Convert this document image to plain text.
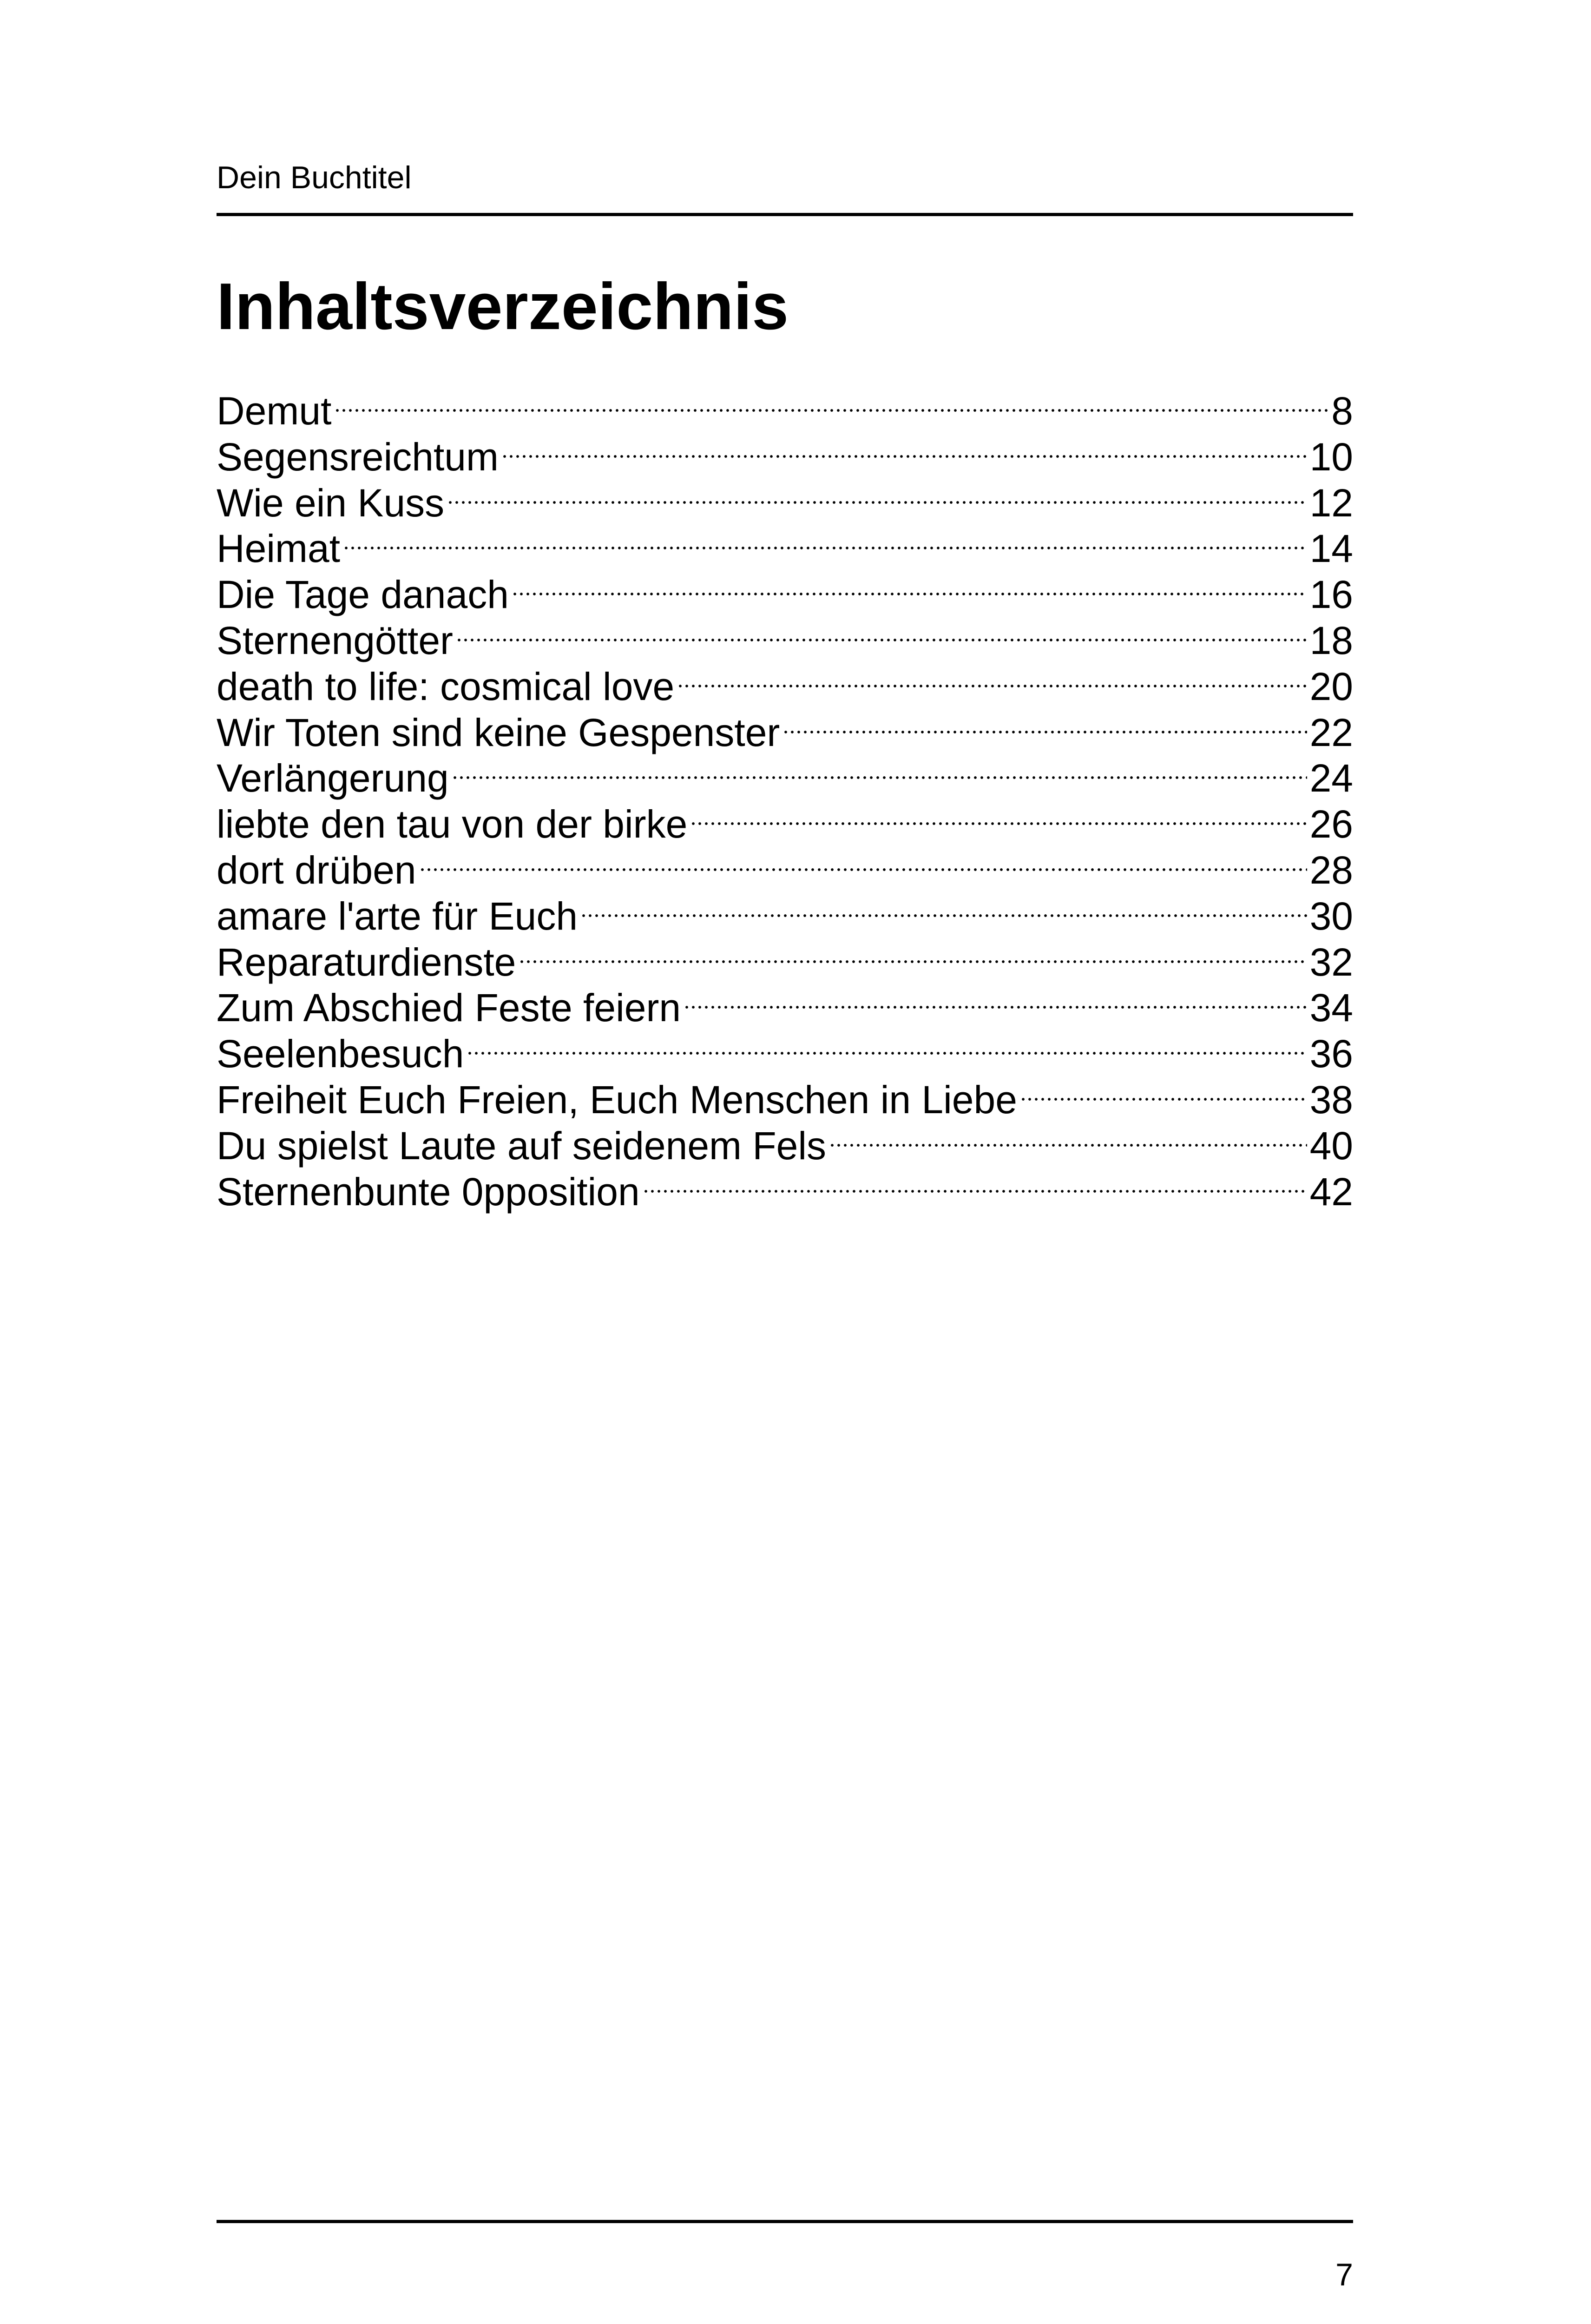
Dein Buchtitel
Inhaltsverzeichnis
Demut	8
Segensreichtum	10
Wie ein Kuss	12
Heimat	14
Die Tage danach	16
Sternengötter	18
death to life: cosmical love	20
Wir Toten sind keine Gespenster	22
Verlängerung	24
liebte den tau von der birke	26
dort drüben	28
amare l'arte für Euch	30
Reparaturdienste	32
Zum Abschied Feste feiern	34
Seelenbesuch	36
Freiheit Euch Freien, Euch Menschen in Liebe	38
Du spielst Laute auf seidenem Fels	40
Sternenbunte 0pposition	42
7
